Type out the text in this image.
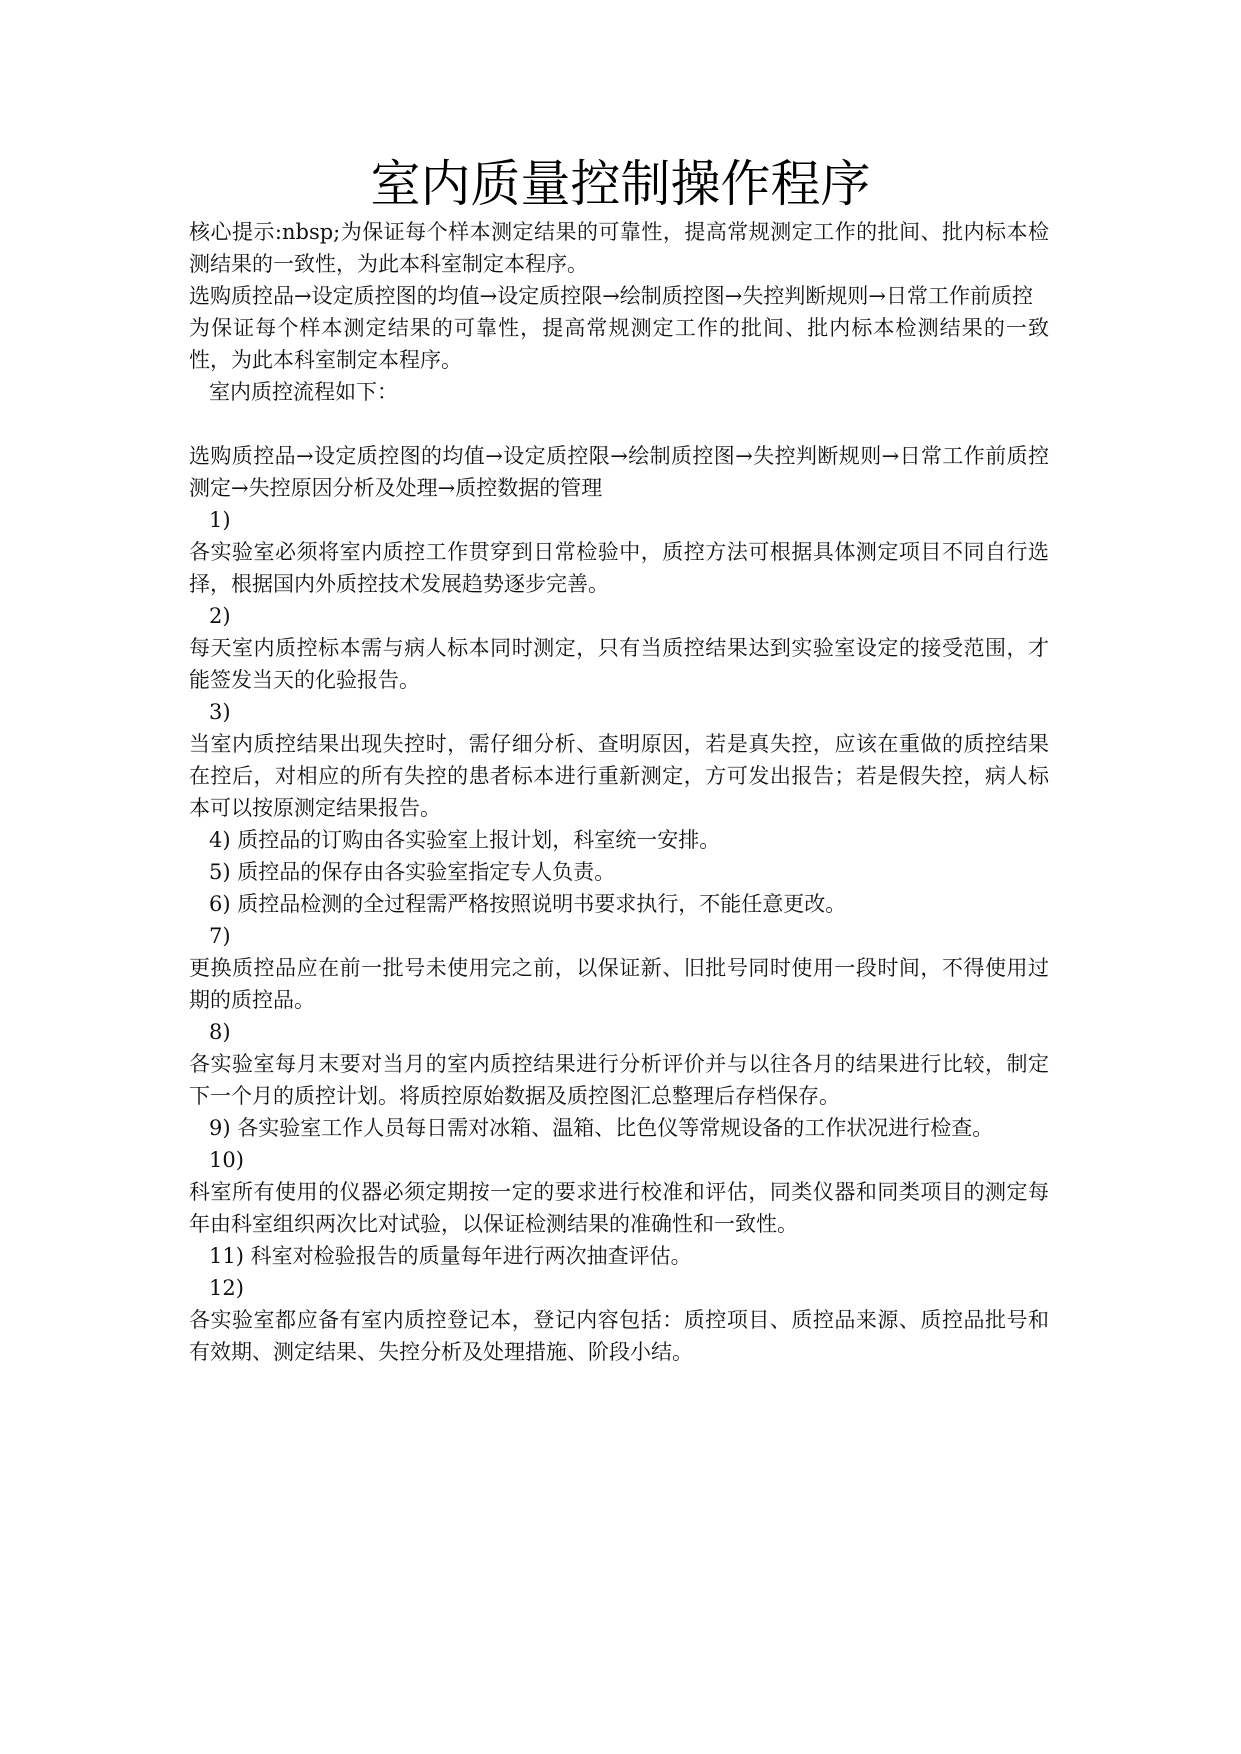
室内质量控制操作程序

核心提示:nbsp;为保证每个样本测定结果的可靠性，提高常规测定工作的批间、批内标本检测结果的一致性，为此本科室制定本程序。

选购质控品→设定质控图的均值→设定质控限→绘制质控图→失控判断规则→日常工作前质控

为保证每个样本测定结果的可靠性，提高常规测定工作的批间、批内标本检测结果的一致性，为此本科室制定本程序。

室内质控流程如下：

选购质控品→设定质控图的均值→设定质控限→绘制质控图→失控判断规则→日常工作前质控测定→失控原因分析及处理→质控数据的管理

1)

各实验室必须将室内质控工作贯穿到日常检验中，质控方法可根据具体测定项目不同自行选择，根据国内外质控技术发展趋势逐步完善。

2)

每天室内质控标本需与病人标本同时测定，只有当质控结果达到实验室设定的接受范围，才能签发当天的化验报告。

3)

当室内质控结果出现失控时，需仔细分析、查明原因，若是真失控，应该在重做的质控结果在控后，对相应的所有失控的患者标本进行重新测定，方可发出报告；若是假失控，病人标本可以按原测定结果报告。

4) 质控品的订购由各实验室上报计划，科室统一安排。

5) 质控品的保存由各实验室指定专人负责。

6) 质控品检测的全过程需严格按照说明书要求执行，不能任意更改。

7)

更换质控品应在前一批号未使用完之前，以保证新、旧批号同时使用一段时间，不得使用过期的质控品。

8)

各实验室每月末要对当月的室内质控结果进行分析评价并与以往各月的结果进行比较，制定下一个月的质控计划。将质控原始数据及质控图汇总整理后存档保存。

9) 各实验室工作人员每日需对冰箱、温箱、比色仪等常规设备的工作状况进行检查。

10)

科室所有使用的仪器必须定期按一定的要求进行校准和评估，同类仪器和同类项目的测定每年由科室组织两次比对试验，以保证检测结果的准确性和一致性。

11) 科室对检验报告的质量每年进行两次抽查评估。

12)

各实验室都应备有室内质控登记本，登记内容包括：质控项目、质控品来源、质控品批号和有效期、测定结果、失控分析及处理措施、阶段小结。
